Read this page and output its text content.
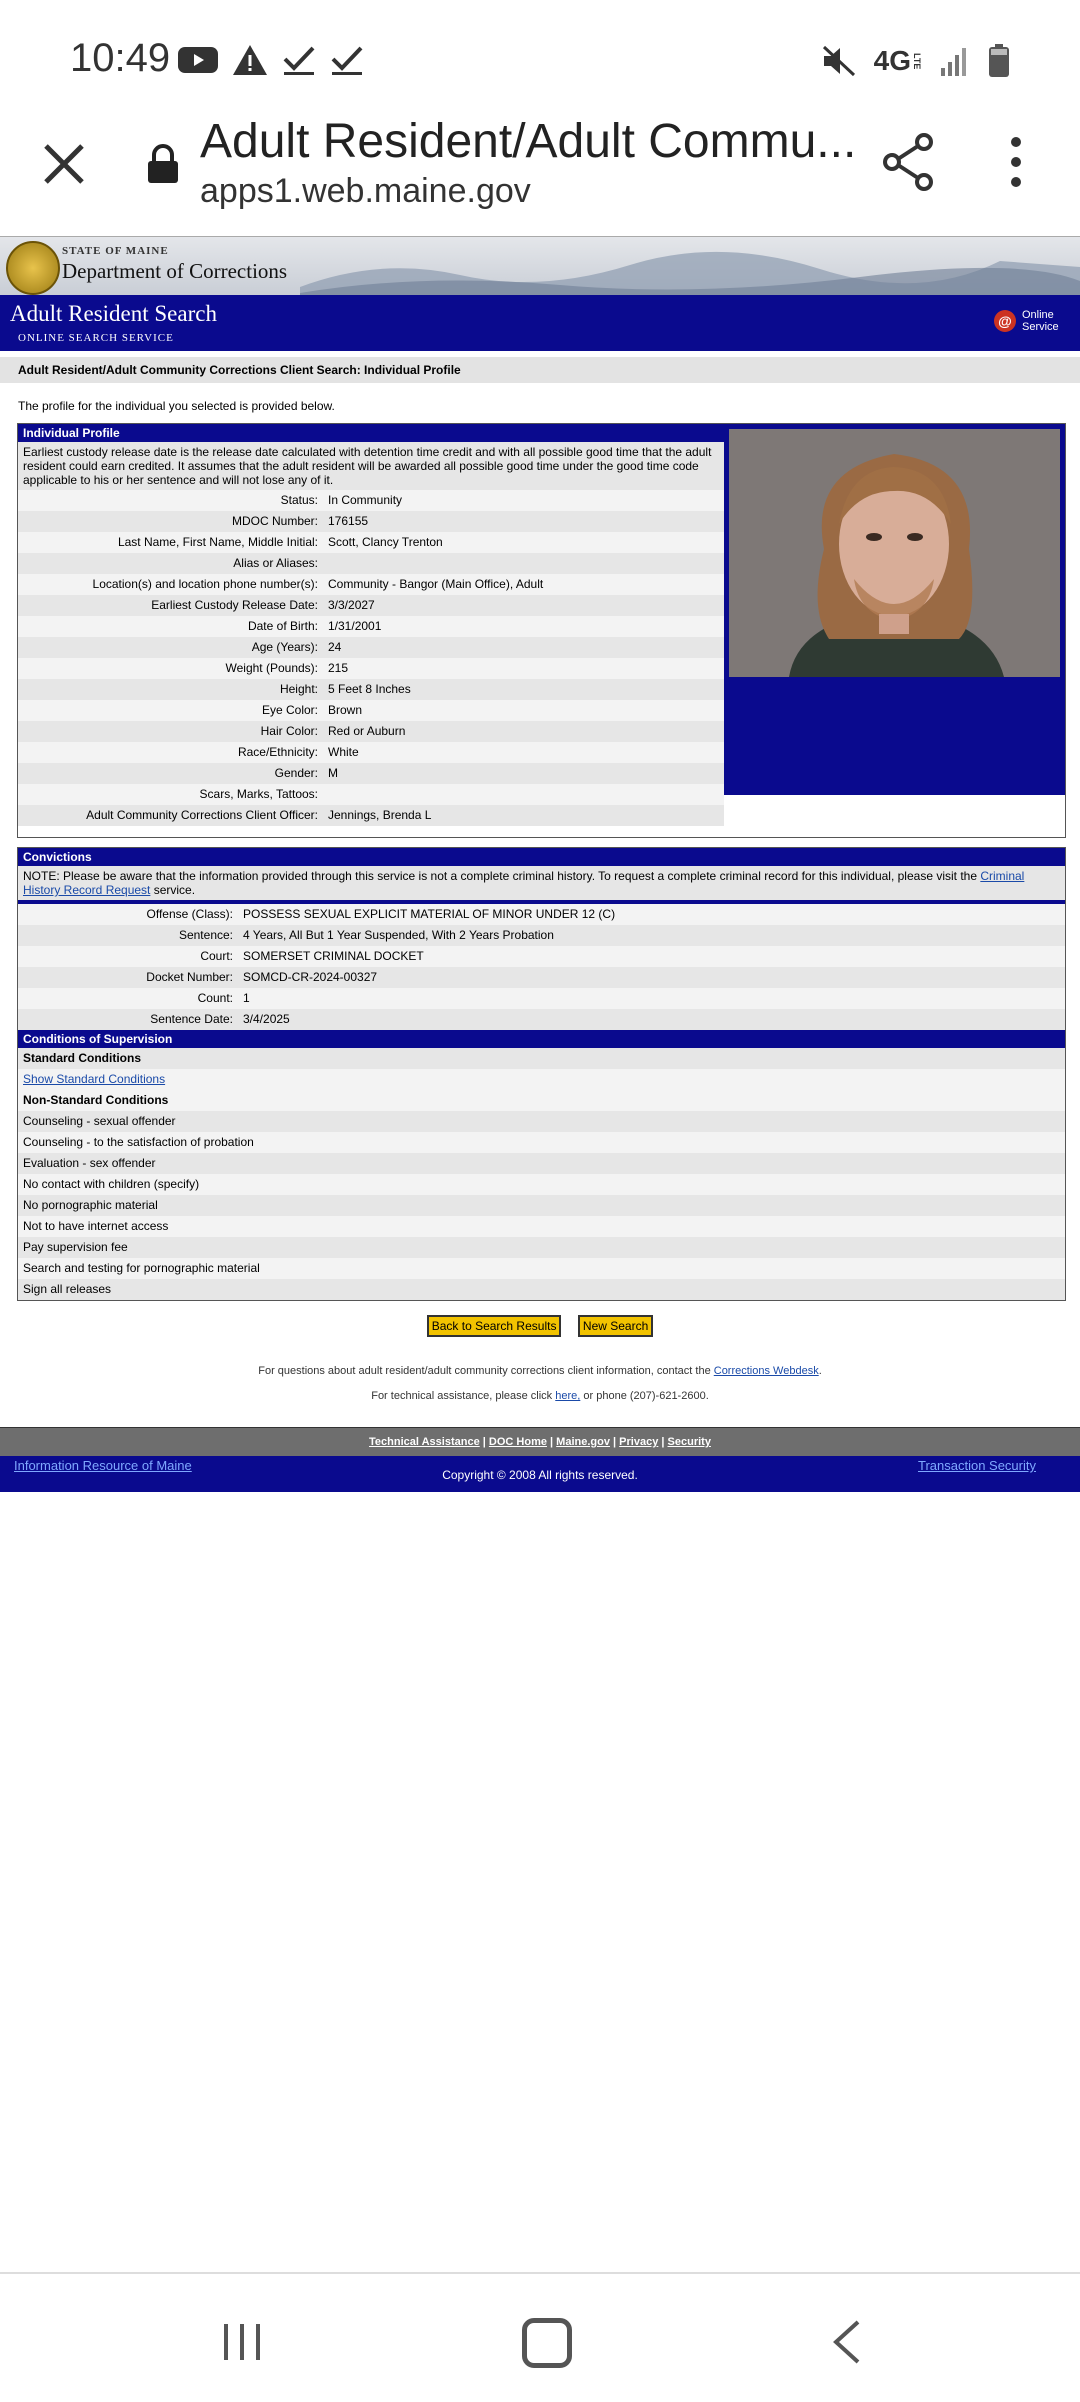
10:49	4G LTE
Adult Resident/Adult Commu...
apps1.web.maine.gov
STATE OF MAINE
Department of Corrections
Adult Resident Search
ONLINE SEARCH SERVICE
@ Online Service
Adult Resident/Adult Community Corrections Client Search: Individual Profile
The profile for the individual you selected is provided below.
Individual Profile
Earliest custody release date is the release date calculated with detention time credit and with all possible good time that the adult resident could earn credited. It assumes that the adult resident will be awarded all possible good time under the good time code applicable to his or her sentence and will not lose any of it.
Status: In Community
MDOC Number: 176155
Last Name, First Name, Middle Initial: Scott, Clancy Trenton
Alias or Aliases:
Location(s) and location phone number(s): Community - Bangor (Main Office), Adult
Earliest Custody Release Date: 3/3/2027
Date of Birth: 1/31/2001
Age (Years): 24
Weight (Pounds): 215
Height: 5 Feet 8 Inches
Eye Color: Brown
Hair Color: Red or Auburn
Race/Ethnicity: White
Gender: M
Scars, Marks, Tattoos:
Adult Community Corrections Client Officer: Jennings, Brenda L
Convictions
NOTE: Please be aware that the information provided through this service is not a complete criminal history. To request a complete criminal record for this individual, please visit the Criminal History Record Request service.
Offense (Class): POSSESS SEXUAL EXPLICIT MATERIAL OF MINOR UNDER 12 (C)
Sentence: 4 Years, All But 1 Year Suspended, With 2 Years Probation
Court: SOMERSET CRIMINAL DOCKET
Docket Number: SOMCD-CR-2024-00327
Count: 1
Sentence Date: 3/4/2025
Conditions of Supervision
Standard Conditions
Show Standard Conditions
Non-Standard Conditions
Counseling - sexual offender
Counseling - to the satisfaction of probation
Evaluation - sex offender
No contact with children (specify)
No pornographic material
Not to have internet access
Pay supervision fee
Search and testing for pornographic material
Sign all releases
Back to Search Results New Search
For questions about adult resident/adult community corrections client information, contact the Corrections Webdesk.
For technical assistance, please click here, or phone (207)-621-2600.
Technical Assistance | DOC Home | Maine.gov | Privacy | Security
Information Resource of Maine
Copyright © 2008 All rights reserved.
Transaction Security
